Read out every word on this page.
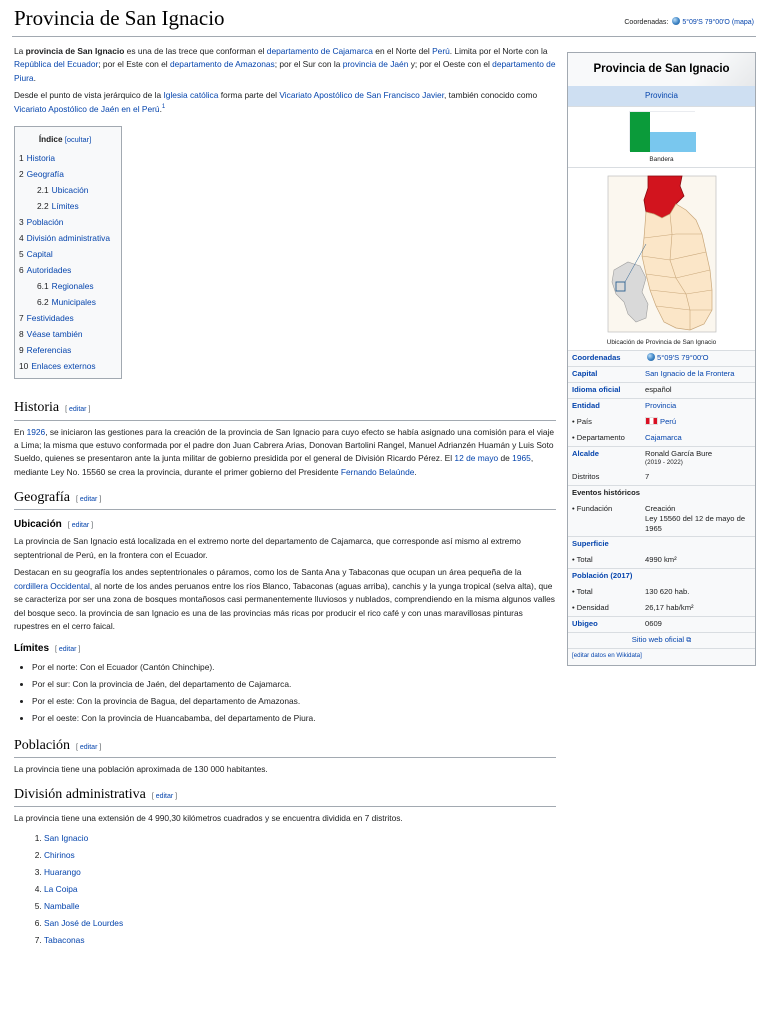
Provincia de San Ignacio	Coordenadas: 5°09′S 79°00′O (mapa)

La provincia de San Ignacio es una de las trece que conforman el departamento de Cajamarca en el Norte del Perú. Limita por el Norte con la República del Ecuador; por el Este con el departamento de Amazonas; por el Sur con la provincia de Jaén y; por el Oeste con el departamento de Piura.

Desde el punto de vista jerárquico de la Iglesia católica forma parte del Vicariato Apostólico de San Francisco Javier, también conocido como Vicariato Apostólico de Jaén en el Perú.$^1$

Índice [ocultar]
1 Historia
2 Geografía
2.1 Ubicación
2.2 Límites
3 Población
4 División administrativa
5 Capital
6 Autoridades
6.1 Regionales
6.2 Municipales
7 Festividades
8 Véase también
9 Referencias
10 Enlaces externos
Historia [ editar ]

En 1926, se iniciaron las gestiones para la creación de la provincia de San Ignacio para cuyo efecto se había asignado una comisión para el viaje a Lima; la misma que estuvo conformada por el padre don Juan Cabrera Arias, Donovan Bartolini Rangel, Manuel Adrianzén Huamán y Luis Soto Sueldo, quienes se presentaron ante la junta militar de gobierno presidida por el general de División Ricardo Pérez. El 12 de mayo de 1965, mediante Ley No. 15560 se crea la provincia, durante el primer gobierno del Presidente Fernando Belaúnde.

Geografía [ editar ]
Ubicación [ editar ]

La provincia de San Ignacio está localizada en el extremo norte del departamento de Cajamarca, que corresponde así mismo al extremo septentrional de Perú, en la frontera con el Ecuador.

Destacan en su geografía los andes septentrionales o páramos, como los de Santa Ana y Tabaconas que ocupan un área pequeña de la cordillera Occidental, al norte de los andes peruanos entre los ríos Blanco, Tabaconas (aguas arriba), canchis y la yunga tropical (selva alta), que se caracteriza por ser una zona de bosques montañosos casi permanentemente lluviosos y nublados, comprendiendo en la misma algunos valles del bosque seco. la provincia de san Ignacio es una de las provincias más ricas por producir el rico café y con unas maravillosas pinturas rupestres en el cerro faical.

Límites [ editar ]
• Por el norte: Con el Ecuador (Cantón Chinchipe).
• Por el sur: Con la provincia de Jaén, del departamento de Cajamarca.
• Por el este: Con la provincia de Bagua, del departamento de Amazonas.
• Por el oeste: Con la provincia de Huancabamba, del departamento de Piura.
Población [ editar ]

La provincia tiene una población aproximada de 130 000 habitantes.

División administrativa [ editar ]

La provincia tiene una extensión de 4 990,30 kilómetros cuadrados y se encuentra dividida en 7 distritos.

1. San Ignacio
2. Chirinos
3. Huarango
4. La Coipa
5. Namballe
6. San José de Lourdes
7. Tabaconas
Provincia de San Ignacio
Provincia
Bandera
Ubicación de Provincia de San Ignacio
Coordenadas	5°09′S 79°00′O
Capital	San Ignacio de la Frontera
Idioma oficial	español
Entidad	Provincia
• País	Perú
• Departamento	Cajamarca
Alcalde	Ronald García Bure
(2019 - 2022)
Distritos	7
Eventos históricos
• Fundación	Creación
Ley 15560 del 12 de mayo de 1965
Superficie
• Total	4990 km²
Población (2017)
• Total	130 620 hab.
• Densidad	26,17 hab/km²
Ubigeo	0609
Sitio web oficial ⧉
[editar datos en Wikidata]
